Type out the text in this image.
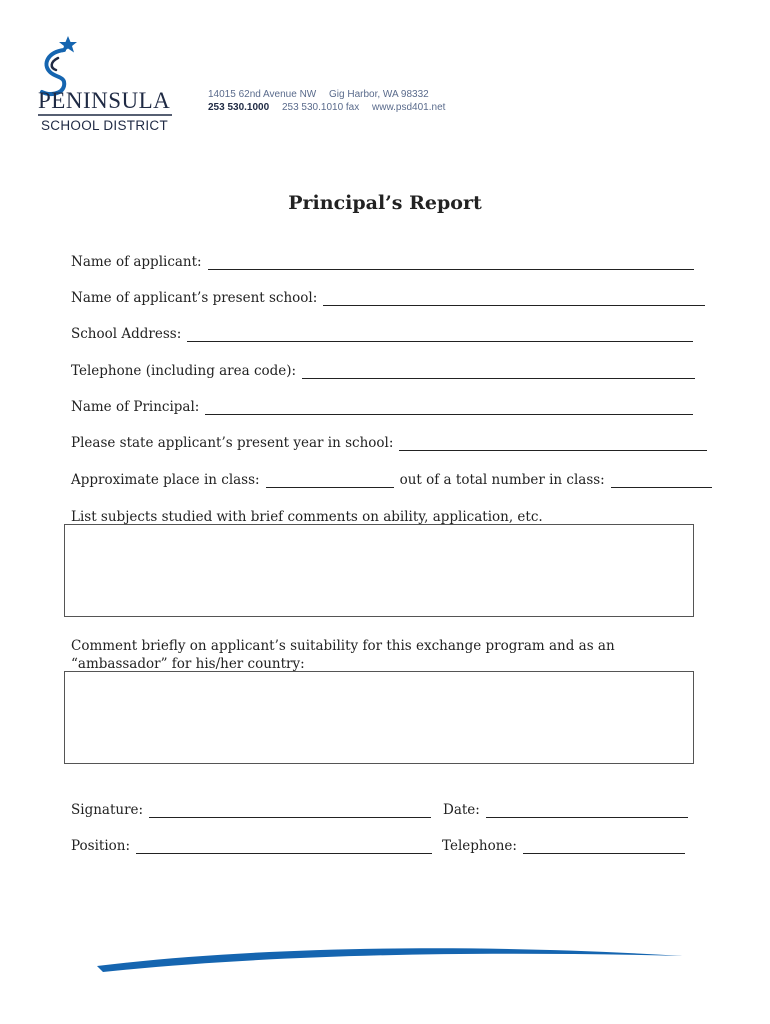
PENINSULA
SCHOOL DISTRICT
14015 62nd Avenue NW Gig Harbor, WA 98332
253 530.1000 253 530.1010 fax www.psd401.net
Principal’s Report
Name of applicant:
Name of applicant’s present school:
School Address:
Telephone (including area code):
Name of Principal:
Please state applicant’s present year in school:
Approximate place in class:	out of a total number in class:
List subjects studied with brief comments on ability, application, etc.
Comment briefly on applicant’s suitability for this exchange program and as an “ambassador” for his/her country:
Signature:	Date:
Position:	Telephone:
